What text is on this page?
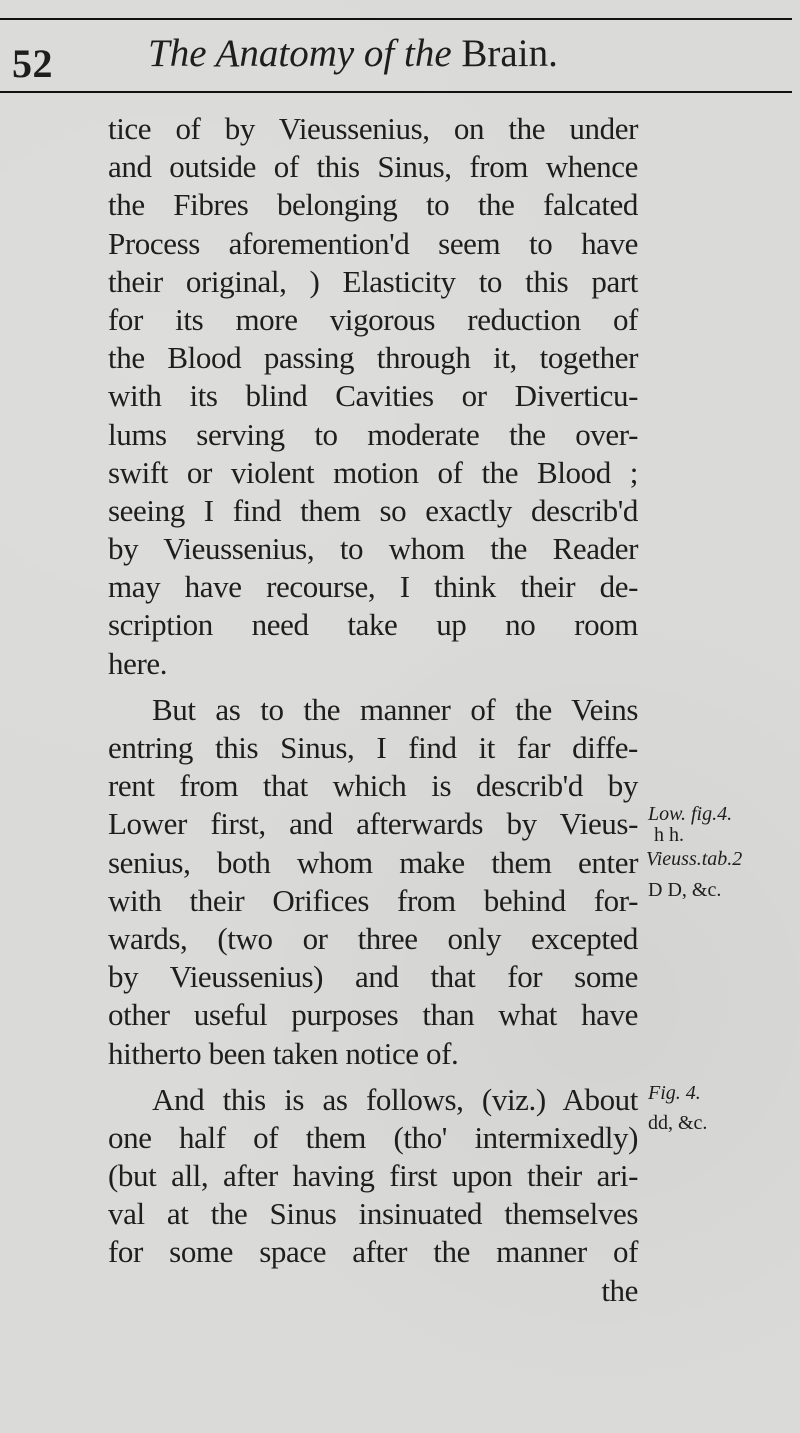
52 The Anatomy of the Brain.
tice of by Vieussenius, on the under
and outside of this Sinus, from whence
the Fibres belonging to the falcated
Process aforemention'd seem to have
their original, ) Elasticity to this part
for its more vigorous reduction of
the Blood passing through it, together
with its blind Cavities or Diverticu-
lums serving to moderate the over-
swift or violent motion of the Blood ;
seeing I find them so exactly describ'd
by Vieussenius, to whom the Reader
may have recourse, I think their de-
scription need take up no room
here.
But as to the manner of the Veins
entring this Sinus, I find it far diffe-
rent from that which is describ'd by
Lower first, and afterwards by Vieus-
senius, both whom make them enter
with their Orifices from behind for-
wards, (two or three only excepted
by Vieussenius) and that for some
other useful purposes than what have
hitherto been taken notice of.
And this is as follows, (viz.) About
one half of them (tho' intermixedly)
(but all, after having first upon their ari-
val at the Sinus insinuated themselves
for some space after the manner of
the
Low. fig.4.
h h.
Vieuss.tab.2
D D, &c.
Fig. 4.
dd, &c.
